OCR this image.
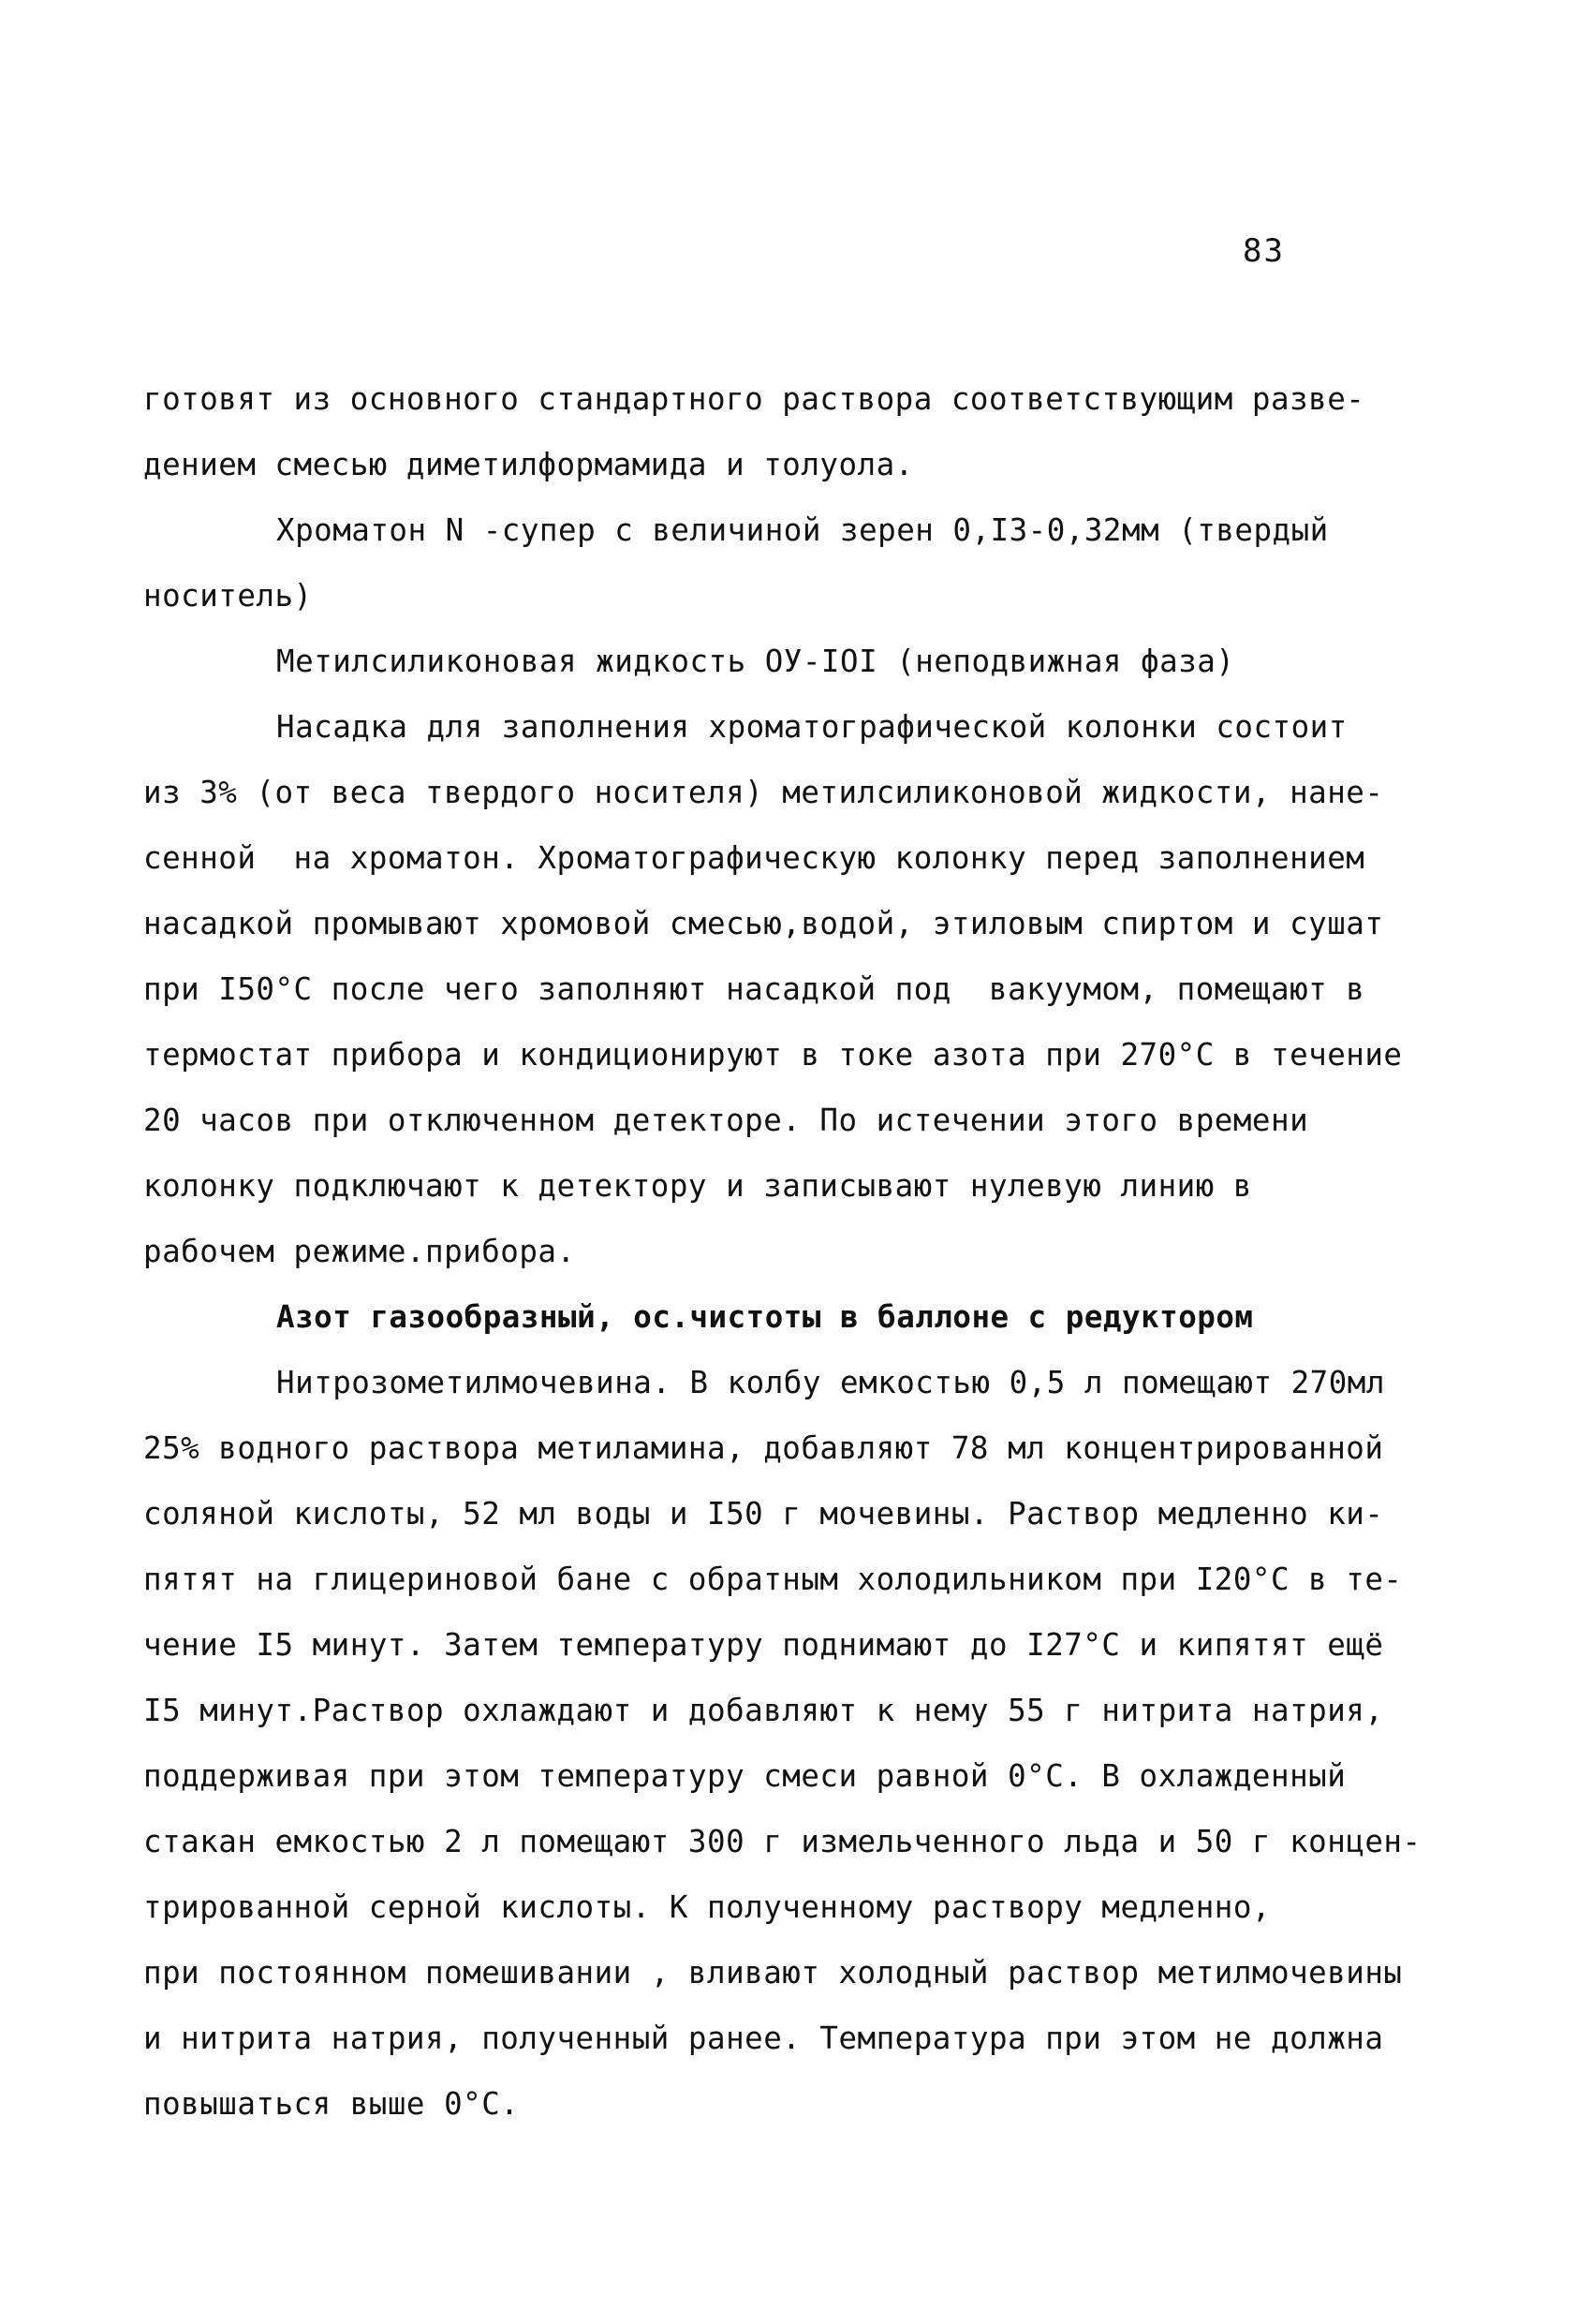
83
готовят из основного стандартного раствора соответствующим разве-
дением смесью диметилформамида и толуола.
Хроматон N -супер с величиной зерен 0,I3-0,32мм (твердый
носитель)
Метилсиликоновая жидкость ОУ-IOI (неподвижная фаза)
Насадка для заполнения хроматографической колонки состоит
из 3% (от веса твердого носителя) метилсиликоновой жидкости, нане-
сенной  на хроматон. Хроматографическую колонку перед заполнением
насадкой промывают хромовой смесью,водой, этиловым спиртом и сушат
при I50°С после чего заполняют насадкой под  вакуумом, помещают в
термостат прибора и кондиционируют в токе азота при 270°С в течение
20 часов при отключенном детекторе. По истечении этого времени
колонку подключают к детектору и записывают нулевую линию в
рабочем режиме.прибора.
Азот газообразный, ос.чистоты в баллоне с редуктором
Нитрозометилмочевина. В колбу емкостью 0,5 л помещают 270мл
25% водного раствора метиламина, добавляют 78 мл концентрированной
соляной кислоты, 52 мл воды и I50 г мочевины. Раствор медленно ки-
пятят на глицериновой бане с обратным холодильником при I20°С в те-
чение I5 минут. Затем температуру поднимают до I27°С и кипятят ещё
I5 минут.Раствор охлаждают и добавляют к нему 55 г нитрита натрия,
поддерживая при этом температуру смеси равной 0°С. В охлажденный
стакан емкостью 2 л помещают 300 г измельченного льда и 50 г концен-
трированной серной кислоты. К полученному раствору медленно,
при постоянном помешивании , вливают холодный раствор метилмочевины
и нитрита натрия, полученный ранее. Температура при этом не должна
повышаться выше 0°С.
